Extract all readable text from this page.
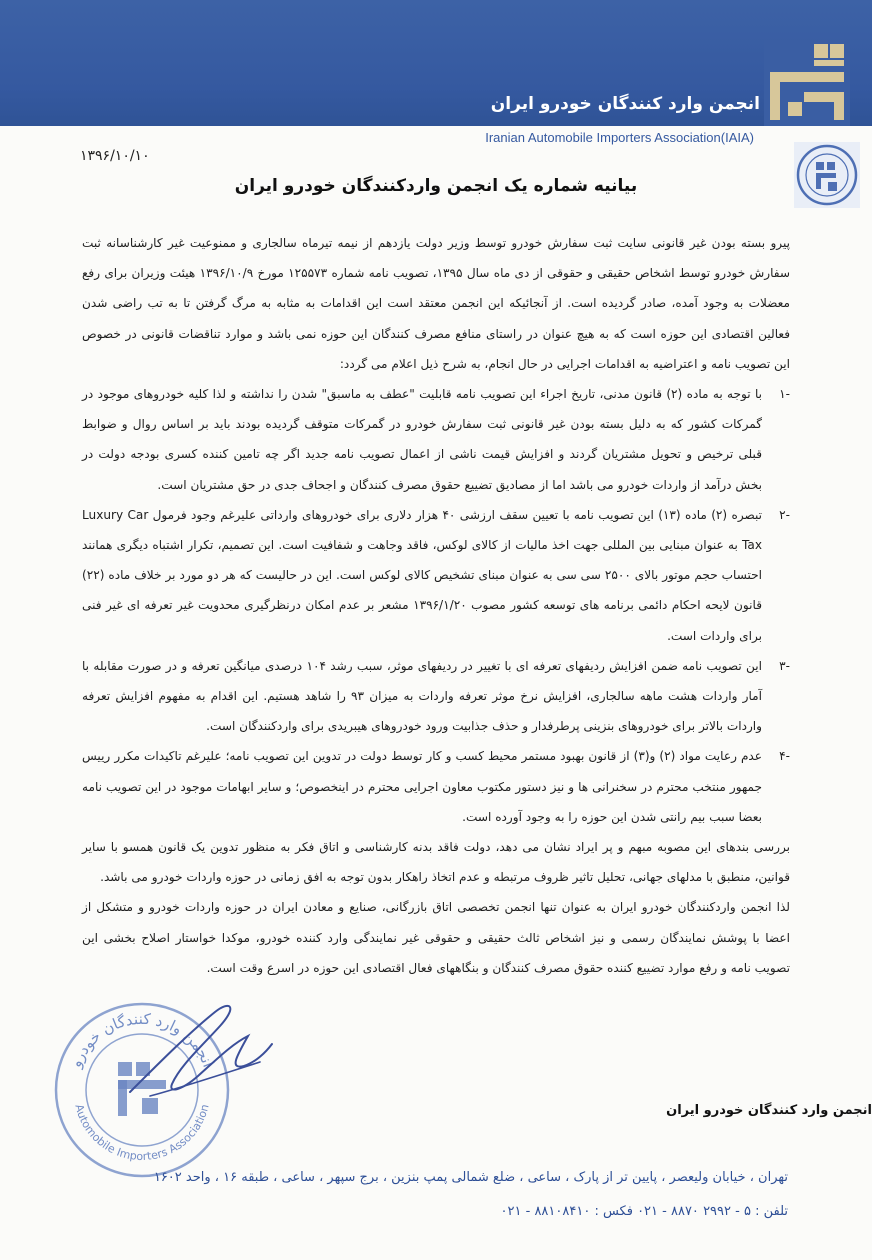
انجمن وارد کنندگان خودرو ایران
Iranian Automobile Importers Association(IAIA)
۱۳۹۶/۱۰/۱۰
بیانیه شماره یک انجمن واردکنندگان خودرو ایران

پیرو بسته بودن غیر قانونی سایت ثبت سفارش خودرو توسط وزیر دولت یازدهم از نیمه تیرماه سالجاری و ممنوعیت غیر کارشناسانه ثبت سفارش خودرو توسط اشخاص حقیقی و حقوقی از دی ماه سال ۱۳۹۵، تصویب نامه شماره ۱۲۵۵۷۳ مورخ ۱۳۹۶/۱۰/۹ هیئت وزیران برای رفع معضلات به وجود آمده، صادر گردیده است. از آنجائیکه این انجمن معتقد است این اقدامات به مثابه به مرگ گرفتن تا به تب راضی شدن فعالین اقتصادی این حوزه است که به هیچ عنوان در راستای منافع مصرف کنندگان این حوزه نمی باشد و موارد تناقضات قانونی در خصوص این تصویب نامه و اعتراضیه به اقدامات اجرایی در حال انجام، به شرح ذیل اعلام می گردد:

-۱
با توجه به ماده (۲) قانون مدنی، تاریخ اجراء این تصویب نامه قابلیت "عطف به ماسبق" شدن را نداشته و لذا کلیه خودروهای موجود در گمرکات کشور که به دلیل بسته بودن غیر قانونی ثبت سفارش خودرو در گمرکات متوقف گردیده بودند باید بر اساس روال و ضوابط قبلی ترخیص و تحویل مشتریان گردند و افزایش قیمت ناشی از اعمال تصویب نامه جدید اگر چه تامین کننده کسری بودجه دولت در بخش درآمد از واردات خودرو می باشد اما از مصادیق تضییع حقوق مصرف کنندگان و اجحاف جدی در حق مشتریان است.
-۲
تبصره (۲) ماده (۱۳) این تصویب نامه با تعیین سقف ارزشی ۴۰ هزار دلاری برای خودروهای وارداتی علیرغم وجود فرمول Luxury Car Tax به عنوان مبنایی بین المللی جهت اخذ مالیات از کالای لوکس، فاقد وجاهت و شفافیت است. این تصمیم، تکرار اشتباه دیگری همانند احتساب حجم موتور بالای ۲۵۰۰ سی سی به عنوان مبنای تشخیص کالای لوکس است. این در حالیست که هر دو مورد بر خلاف ماده (۲۲) قانون لایحه احکام دائمی برنامه های توسعه کشور مصوب ۱۳۹۶/۱/۲۰ مشعر بر عدم امکان درنظرگیری محدویت غیر تعرفه ای غیر فنی برای واردات است.
-۳
این تصویب نامه ضمن افزایش ردیفهای تعرفه ای با تغییر در ردیفهای موثر، سبب رشد ۱۰۴ درصدی میانگین تعرفه و در صورت مقابله با آمار واردات هشت ماهه سالجاری، افزایش نرخ موثر تعرفه واردات به میزان ۹۳ را شاهد هستیم. این اقدام به مفهوم افزایش تعرفه واردات بالاتر برای خودروهای بنزینی پرطرفدار و حذف جذابیت ورود خودروهای هیبریدی برای واردکنندگان است.
-۴
عدم رعایت مواد (۲) و(۳) از قانون بهبود مستمر محیط کسب و کار توسط دولت در تدوین این تصویب نامه؛ علیرغم تاکیدات مکرر رییس جمهور منتخب محترم در سخنرانی ها و نیز دستور مکتوب معاون اجرایی محترم در اینخصوص؛ و سایر ابهامات موجود در این تصویب نامه بعضا سبب بیم رانتی شدن این حوزه را به وجود آورده است.

بررسی بندهای این مصوبه مبهم و پر ایراد نشان می دهد، دولت فاقد بدنه کارشناسی و اتاق فکر به منظور تدوین یک قانون همسو با سایر قوانین، منطبق با مدلهای جهانی، تحلیل تاثیر ظروف مرتبطه و عدم اتخاذ راهکار بدون توجه به افق زمانی در حوزه واردات خودرو می باشد.

لذا انجمن واردکنندگان خودرو ایران به عنوان تنها انجمن تخصصی اتاق بازرگانی، صنایع و معادن ایران در حوزه واردات خودرو و متشکل از اعضا با پوشش نمایندگان رسمی و نیز اشخاص ثالث حقیقی و حقوقی غیر نمایندگی وارد کننده خودرو، موکدا خواستار اصلاح بخشی این تصویب نامه و رفع موارد تضییع کننده حقوق مصرف کنندگان و بنگاههای فعال اقتصادی این حوزه در اسرع وقت است.

انجمن وارد کنندگان خودرو
Automobile Importers Association	انجمن وارد کنندگان خودرو ایران
تهران ، خیابان ولیعصر ، پایین تر از پارک ، ساعی ، ضلع شمالی پمپ بنزین ، برج سپهر ، ساعی ، طبقه ۱۶ ، واحد ۱۶۰۲
تلفن : ۵ - ۲۹۹۲ ۸۸۷۰ - ۰۲۱ فکس : ۸۸۱۰۸۴۱۰ - ۰۲۱
